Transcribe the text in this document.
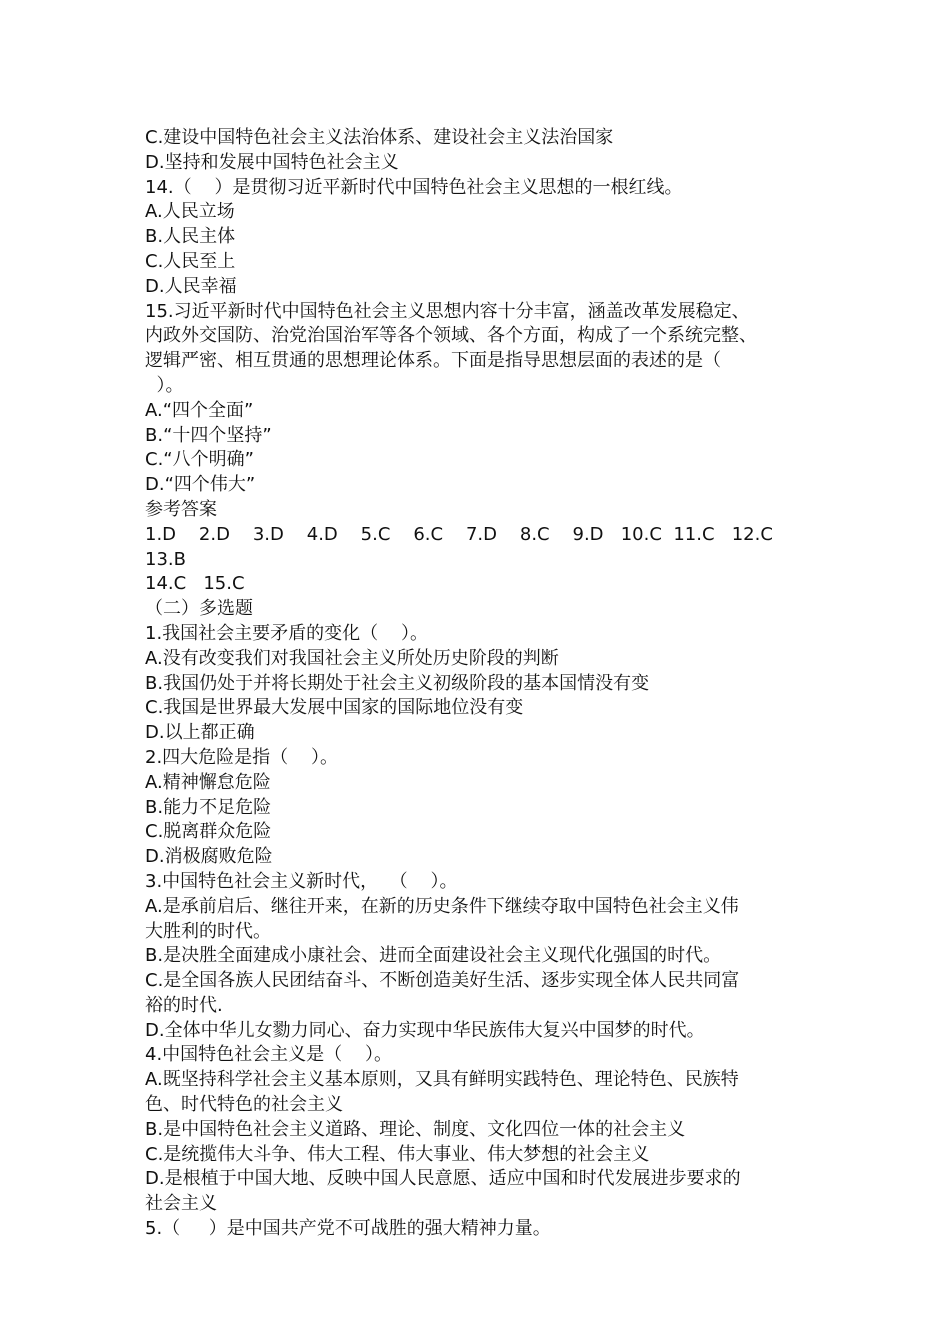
C.建设中国特色社会主义法治体系、建设社会主义法治国家

D.坚持和发展中国特色社会主义

14.（    ）是贯彻习近平新时代中国特色社会主义思想的一根红线。

A.人民立场

B.人民主体

C.人民至上

D.人民幸福

15.习近平新时代中国特色社会主义思想内容十分丰富，涵盖改革发展稳定、

内政外交国防、治党治国治军等各个领域、各个方面，构成了一个系统完整、

逻辑严密、相互贯通的思想理论体系。下面是指导思想层面的表述的是（

）。

A.“四个全面”

B.“十四个坚持”

C.“八个明确”

D.“四个伟大”

参考答案

1.D    2.D    3.D    4.D    5.C    6.C    7.D    8.C    9.D   10.C  11.C   12.C   13.B

14.C   15.C

（二）多选题

1.我国社会主要矛盾的变化（    ）。

A.没有改变我们对我国社会主义所处历史阶段的判断

B.我国仍处于并将长期处于社会主义初级阶段的基本国情没有变

C.我国是世界最大发展中国家的国际地位没有变

D.以上都正确

2.四大危险是指（    ）。

A.精神懈怠危险

B.能力不足危险

C.脱离群众危险

D.消极腐败危险

3.中国特色社会主义新时代，  （    ）。

A.是承前启后、继往开来，在新的历史条件下继续夺取中国特色社会主义伟

大胜利的时代。

B.是决胜全面建成小康社会、进而全面建设社会主义现代化强国的时代。

C.是全国各族人民团结奋斗、不断创造美好生活、逐步实现全体人民共同富

裕的时代.

D.全体中华儿女勠力同心、奋力实现中华民族伟大复兴中国梦的时代。

4.中国特色社会主义是（    ）。

A.既坚持科学社会主义基本原则，又具有鲜明实践特色、理论特色、民族特

色、时代特色的社会主义

B.是中国特色社会主义道路、理论、制度、文化四位一体的社会主义

C.是统揽伟大斗争、伟大工程、伟大事业、伟大梦想的社会主义

D.是根植于中国大地、反映中国人民意愿、适应中国和时代发展进步要求的

社会主义

5.（     ）是中国共产党不可战胜的强大精神力量。
